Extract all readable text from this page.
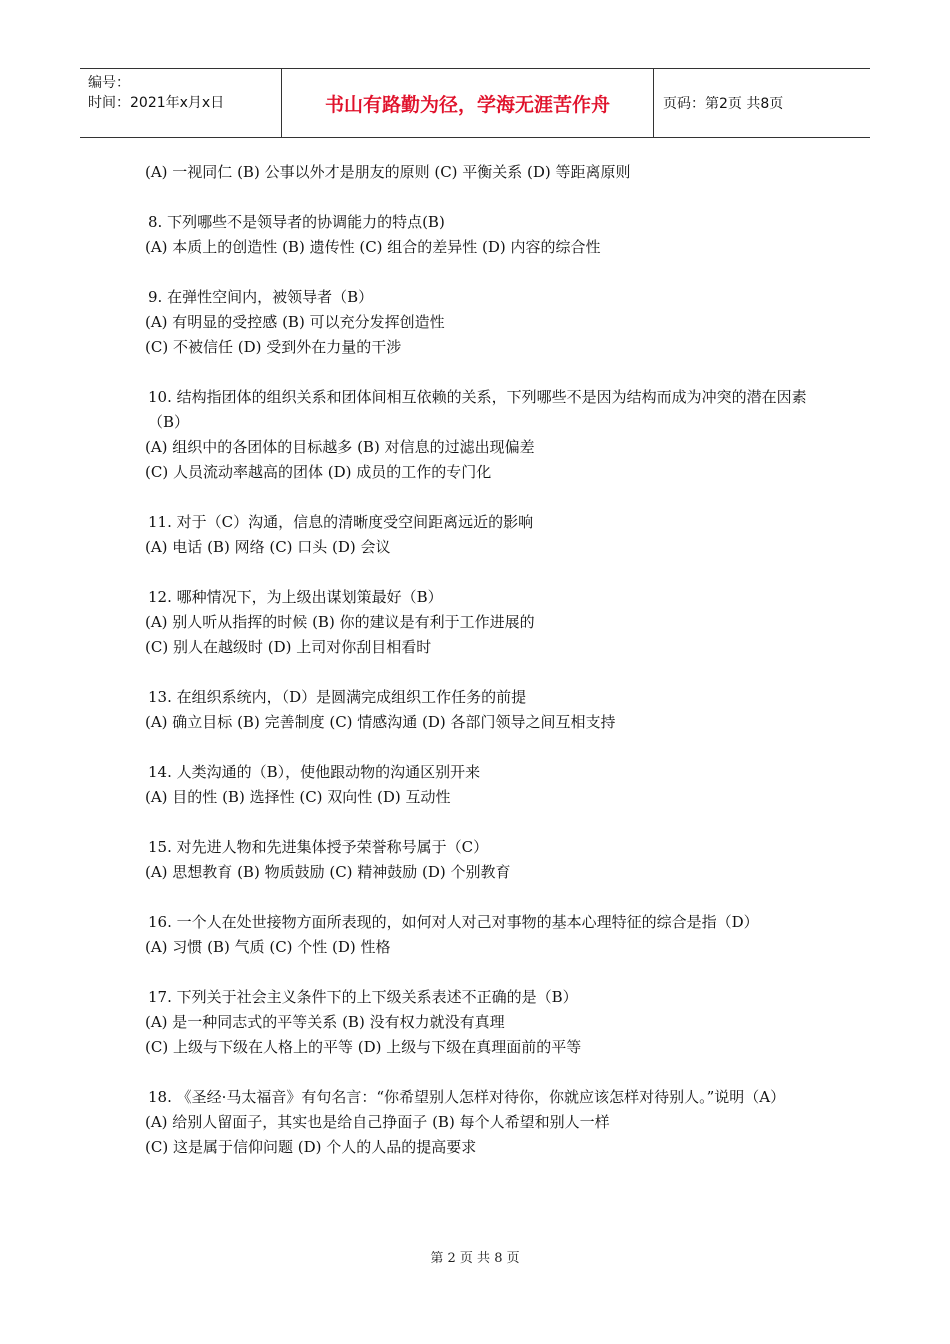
编号：
时间：2021年x月x日	书山有路勤为径，学海无涯苦作舟	页码：第2页 共8页
(A) 一视同仁 (B) 公事以外才是朋友的原则 (C) 平衡关系 (D) 等距离原则
8. 下列哪些不是领导者的协调能力的特点(B)
(A) 本质上的创造性 (B) 遗传性 (C) 组合的差异性 (D) 内容的综合性
9. 在弹性空间内，被领导者（B）
(A) 有明显的受控感 (B) 可以充分发挥创造性
(C) 不被信任 (D) 受到外在力量的干涉
10. 结构指团体的组织关系和团体间相互依赖的关系，下列哪些不是因为结构而成为冲突的潜在因素（B）
(A) 组织中的各团体的目标越多 (B) 对信息的过滤出现偏差
(C) 人员流动率越高的团体 (D) 成员的工作的专门化
11. 对于（C）沟通，信息的清晰度受空间距离远近的影响
(A) 电话 (B) 网络 (C) 口头 (D) 会议
12. 哪种情况下，为上级出谋划策最好（B）
(A) 别人听从指挥的时候 (B) 你的建议是有利于工作进展的
(C) 别人在越级时 (D) 上司对你刮目相看时
13. 在组织系统内，（D）是圆满完成组织工作任务的前提
(A) 确立目标 (B) 完善制度 (C) 情感沟通 (D) 各部门领导之间互相支持
14. 人类沟通的（B），使他跟动物的沟通区别开来
(A) 目的性 (B) 选择性 (C) 双向性 (D) 互动性
15. 对先进人物和先进集体授予荣誉称号属于（C）
(A) 思想教育 (B) 物质鼓励 (C) 精神鼓励 (D) 个别教育
16. 一个人在处世接物方面所表现的，如何对人对己对事物的基本心理特征的综合是指（D）
(A) 习惯 (B) 气质 (C) 个性 (D) 性格
17. 下列关于社会主义条件下的上下级关系表述不正确的是（B）
(A) 是一种同志式的平等关系 (B) 没有权力就没有真理
(C) 上级与下级在人格上的平等 (D) 上级与下级在真理面前的平等
18. 《圣经·马太福音》有句名言：“你希望别人怎样对待你，你就应该怎样对待别人。”说明（A）
(A) 给别人留面子，其实也是给自己挣面子 (B) 每个人希望和别人一样
(C) 这是属于信仰问题 (D) 个人的人品的提高要求
第 2 页 共 8 页
